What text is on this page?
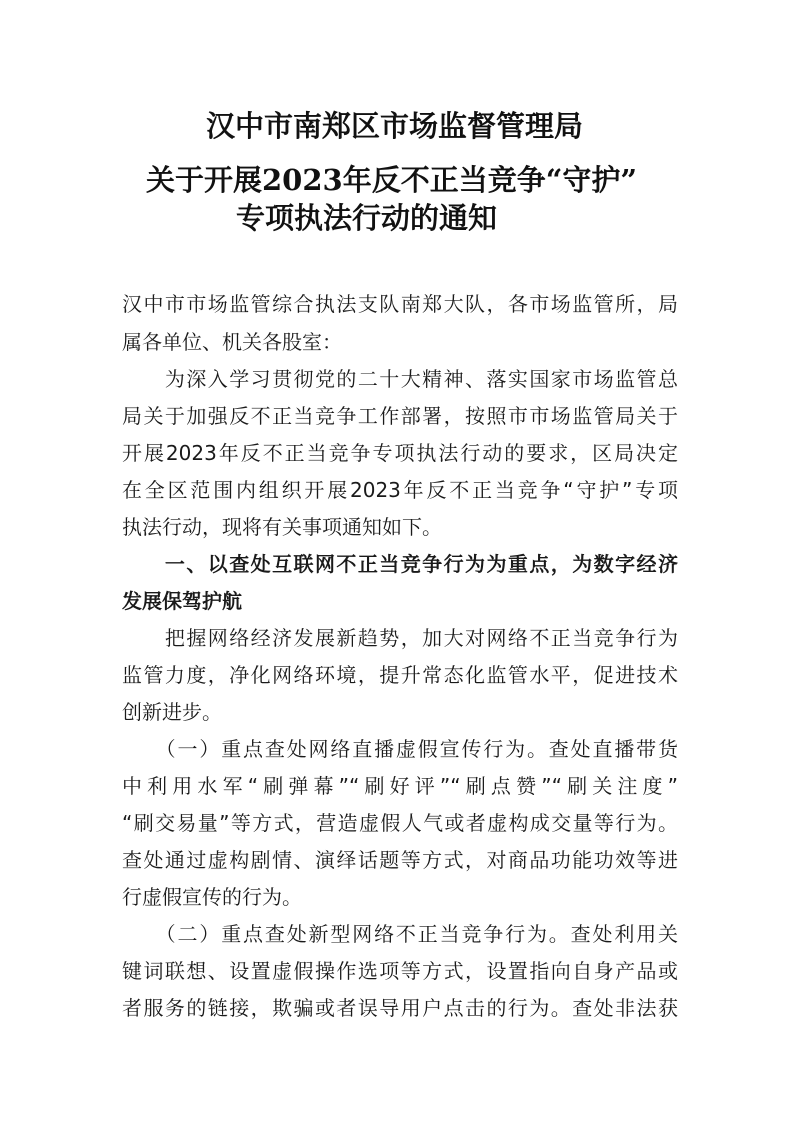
汉中市南郑区市场监督管理局
关于开展2023年反不正当竞争“守护”
专项执法行动的通知
汉中市市场监管综合执法支队南郑大队，各市场监管所，局
属各单位、机关各股室：
　　为深入学习贯彻党的二十大精神、落实国家市场监管总
局关于加强反不正当竞争工作部署，按照市市场监管局关于
开展2023年反不正当竞争专项执法行动的要求，区局决定
在全区范围内组织开展2023年反不正当竞争“守护”专项
执法行动，现将有关事项通知如下。
　　一、以查处互联网不正当竞争行为为重点，为数字经济
发展保驾护航
　　把握网络经济发展新趋势，加大对网络不正当竞争行为
监管力度，净化网络环境，提升常态化监管水平，促进技术
创新进步。
　　（一）重点查处网络直播虚假宣传行为。查处直播带货
中利用水军“刷弹幕”“刷好评”“刷点赞”“刷关注度”
“刷交易量”等方式，营造虚假人气或者虚构成交量等行为。
查处通过虚构剧情、演绎话题等方式，对商品功能功效等进
行虚假宣传的行为。
　　（二）重点查处新型网络不正当竞争行为。查处利用关
键词联想、设置虚假操作选项等方式，设置指向自身产品或
者服务的链接，欺骗或者误导用户点击的行为。查处非法获
